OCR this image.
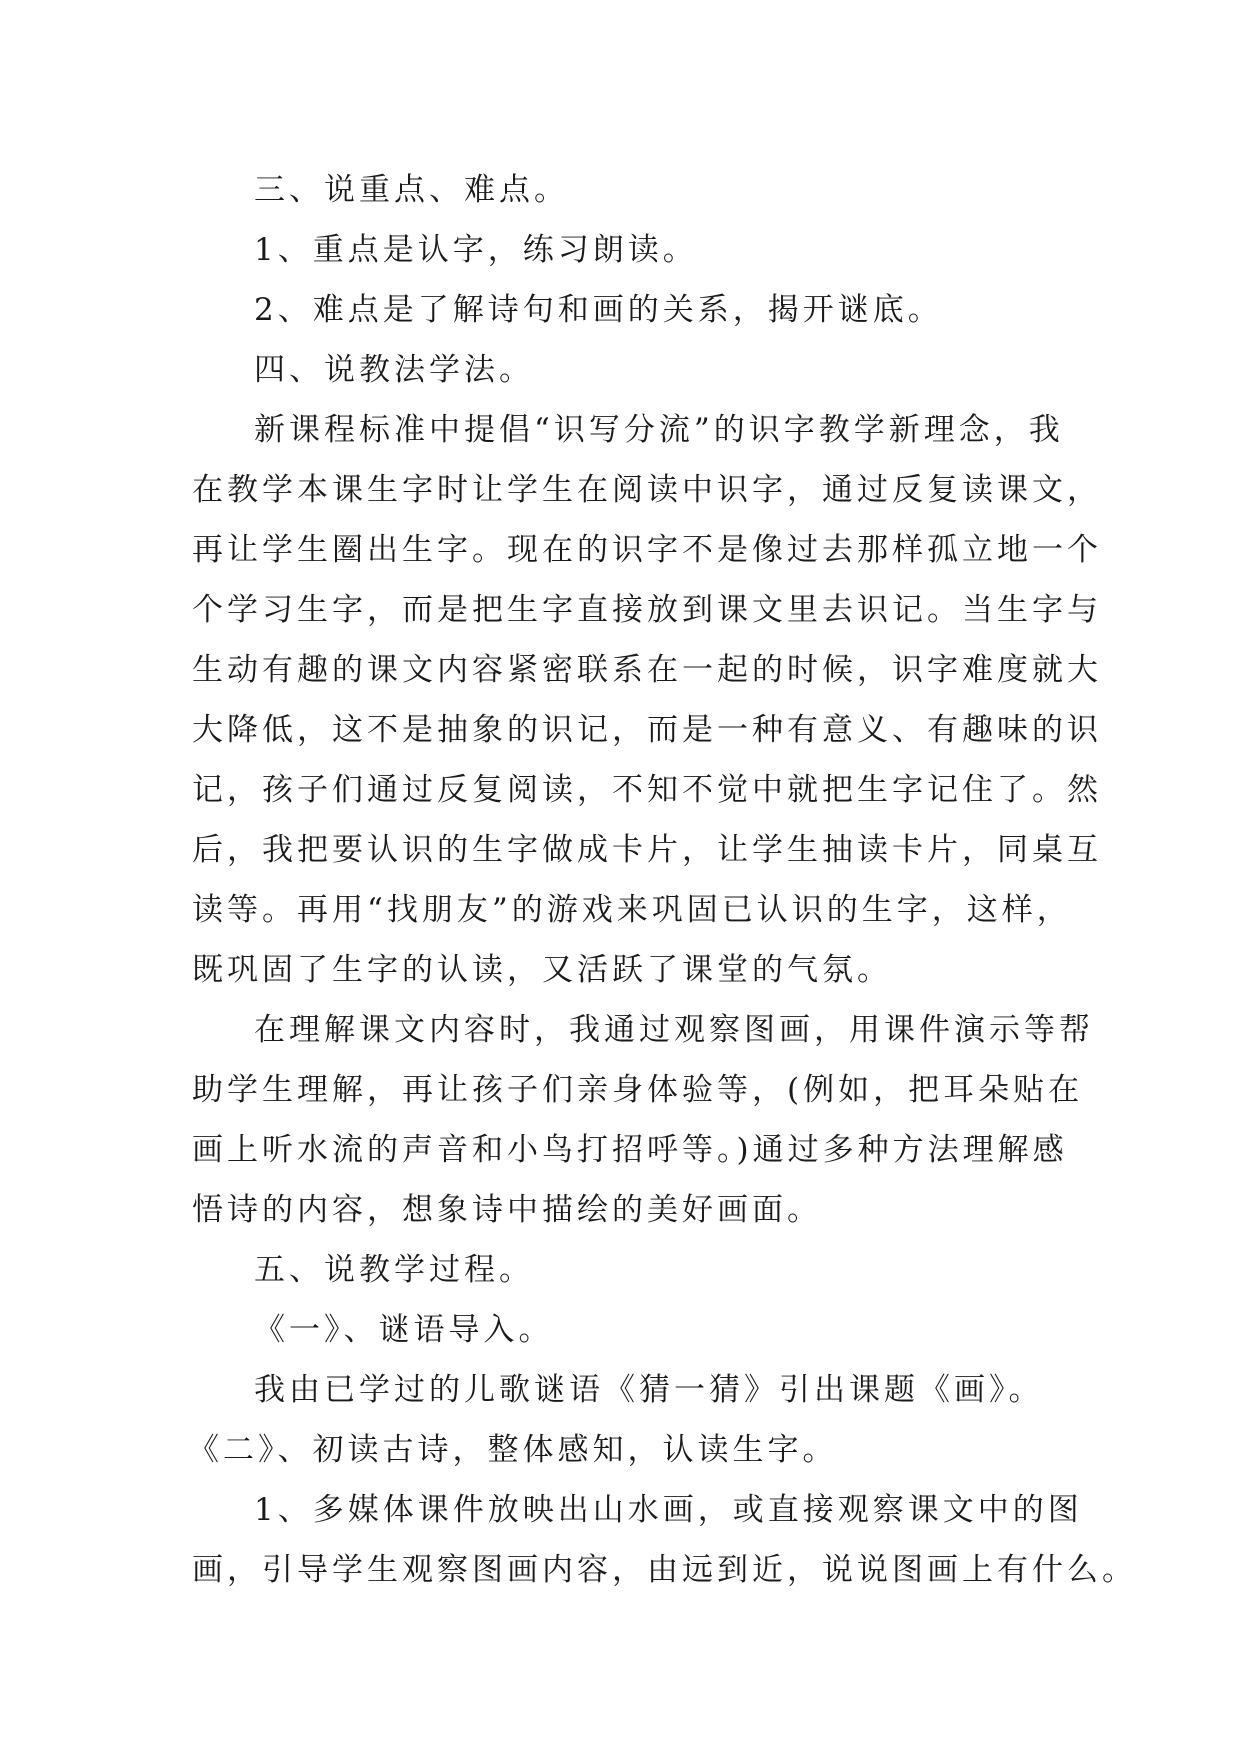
三、说重点、难点。
1、重点是认字，练习朗读。
2、难点是了解诗句和画的关系，揭开谜底。
四、说教法学法。
新课程标准中提倡“识写分流”的识字教学新理念，我
在教学本课生字时让学生在阅读中识字，通过反复读课文，
再让学生圈出生字。现在的识字不是像过去那样孤立地一个
个学习生字，而是把生字直接放到课文里去识记。当生字与
生动有趣的课文内容紧密联系在一起的时候，识字难度就大
大降低，这不是抽象的识记，而是一种有意义、有趣味的识
记，孩子们通过反复阅读，不知不觉中就把生字记住了。然
后，我把要认识的生字做成卡片，让学生抽读卡片，同桌互
读等。再用“找朋友”的游戏来巩固已认识的生字，这样，
既巩固了生字的认读，又活跃了课堂的气氛。
在理解课文内容时，我通过观察图画，用课件演示等帮
助学生理解，再让孩子们亲身体验等，(例如，把耳朵贴在
画上听水流的声音和小鸟打招呼等。)通过多种方法理解感
悟诗的内容，想象诗中描绘的美好画面。
五、说教学过程。
《一》、谜语导入。
我由已学过的儿歌谜语《猜一猜》引出课题《画》。
《二》、初读古诗，整体感知，认读生字。
1、多媒体课件放映出山水画，或直接观察课文中的图
画，引导学生观察图画内容，由远到近，说说图画上有什么。
